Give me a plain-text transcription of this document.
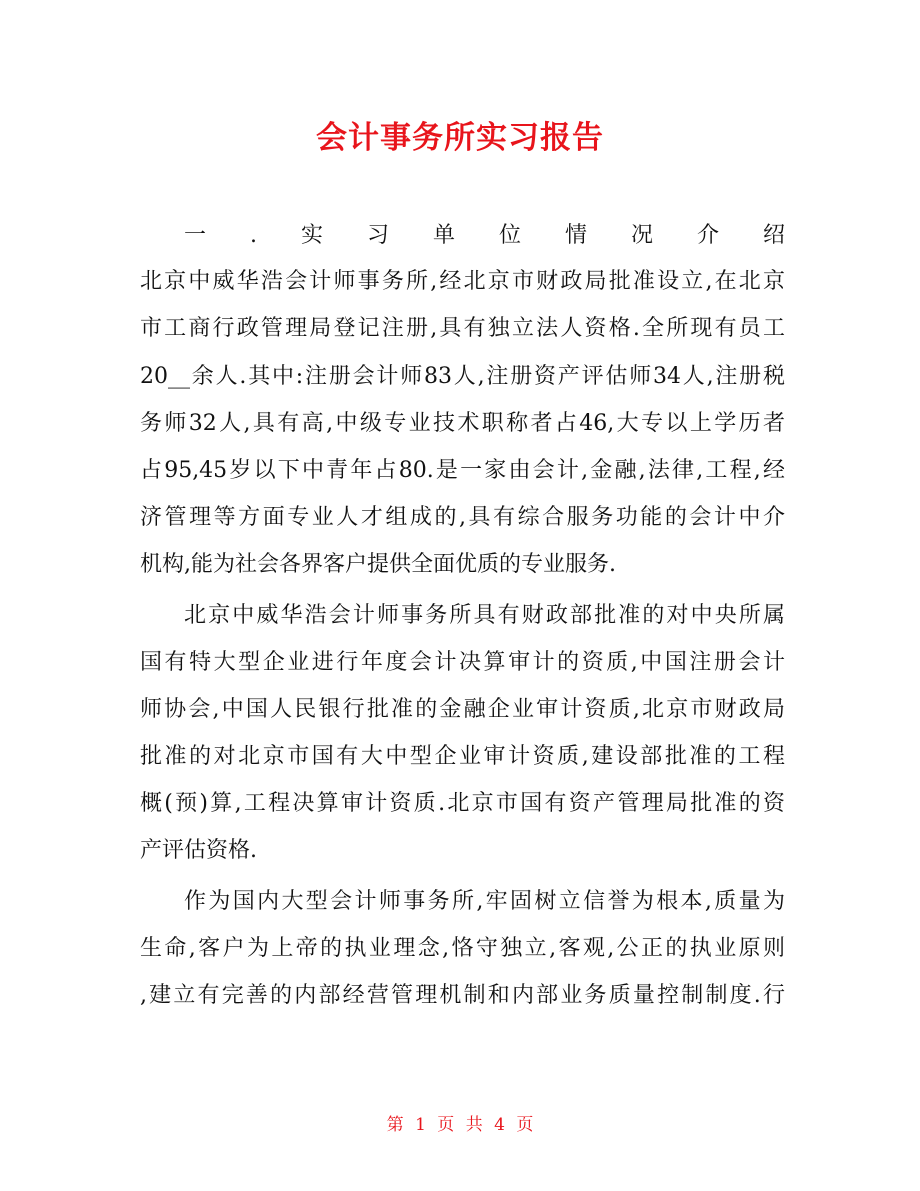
会计事务所实习报告
一.实习单位情况介绍
北京中威华浩会计师事务所,经北京市财政局批准设立,在北京
市工商行政管理局登记注册,具有独立法人资格.全所现有员工
20__余人.其中:注册会计师83人,注册资产评估师34人,注册税
务师32人,具有高,中级专业技术职称者占46,大专以上学历者
占95,45岁以下中青年占80.是一家由会计,金融,法律,工程,经
济管理等方面专业人才组成的,具有综合服务功能的会计中介
机构,能为社会各界客户提供全面优质的专业服务.
北京中威华浩会计师事务所具有财政部批准的对中央所属
国有特大型企业进行年度会计决算审计的资质,中国注册会计
师协会,中国人民银行批准的金融企业审计资质,北京市财政局
批准的对北京市国有大中型企业审计资质,建设部批准的工程
概(预)算,工程决算审计资质.北京市国有资产管理局批准的资
产评估资格.
作为国内大型会计师事务所,牢固树立信誉为根本,质量为
生命,客户为上帝的执业理念,恪守独立,客观,公正的执业原则
,建立有完善的内部经营管理机制和内部业务质量控制制度.行
第 1 页 共 4 页
